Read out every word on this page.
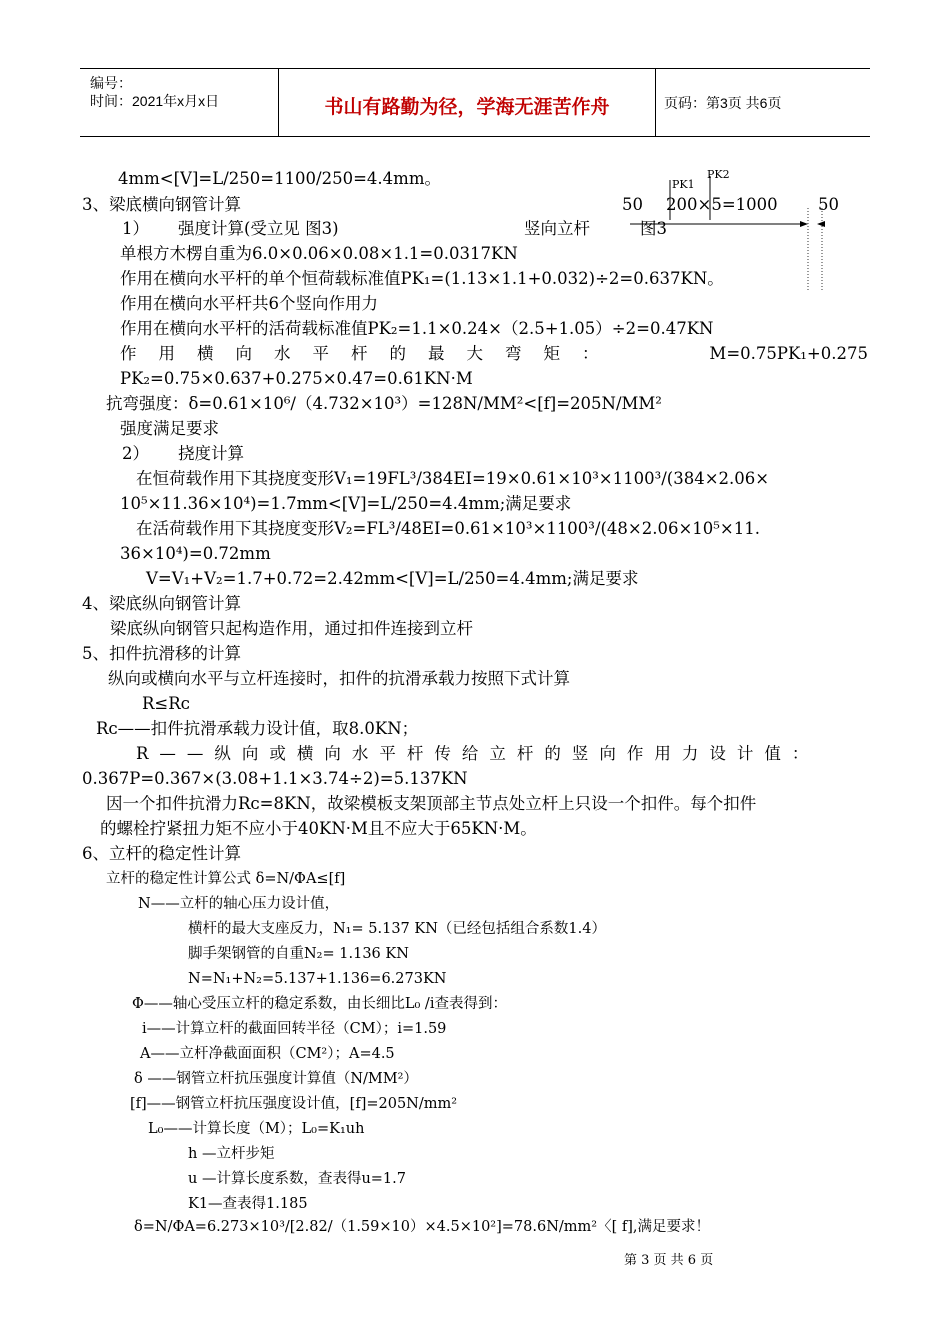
编号：
时间：2021年x月x日	书山有路勤为径，学海无涯苦作舟	页码：第3页 共6页
PK1
PK2
50 200×5=1000 50
竖向立杆	图3
4mm<[V]=L/250=1100/250=4.4mm。
3、梁底横向钢管计算
1） 强度计算(受立见 图3)
单根方木楞自重为6.0×0.06×0.08×1.1=0.0317KN
作用在横向水平杆的单个恒荷载标准值PK₁=(1.13×1.1+0.032)÷2=0.637KN。
作用在横向水平杆共6个竖向作用力
作用在横向水平杆的活荷载标准值PK₂=1.1×0.24×（2.5+1.05）÷2=0.47KN
作用横向水平杆的最大弯矩：	M=0.75PK₁+0.275
PK₂=0.75×0.637+0.275×0.47=0.61KN·M
抗弯强度：δ=0.61×10⁶/（4.732×10³）=128N/MM²<[f]=205N/MM²
强度满足要求
2） 挠度计算
在恒荷载作用下其挠度变形V₁=19FL³/384EI=19×0.61×10³×1100³/(384×2.06×
10⁵×11.36×10⁴)=1.7mm<[V]=L/250=4.4mm;满足要求
在活荷载作用下其挠度变形V₂=FL³/48EI=0.61×10³×1100³/(48×2.06×10⁵×11.
36×10⁴)=0.72mm
V=V₁+V₂=1.7+0.72=2.42mm<[V]=L/250=4.4mm;满足要求
4、梁底纵向钢管计算
梁底纵向钢管只起构造作用，通过扣件连接到立杆
5、扣件抗滑移的计算
纵向或横向水平与立杆连接时，扣件的抗滑承载力按照下式计算
R≤Rᴄ
Rᴄ——扣件抗滑承载力设计值，取8.0KN；
R——纵向或横向水平杆传给立杆的竖向作用力设计值：
0.367P=0.367×(3.08+1.1×3.74÷2)=5.137KN
因一个扣件抗滑力Rᴄ=8KN，故梁模板支架顶部主节点处立杆上只设一个扣件。每个扣件
的螺栓拧紧扭力矩不应小于40KN·M且不应大于65KN·M。
6、立杆的稳定性计算
立杆的稳定性计算公式 δ=N/ΦA≤[f]
N——立杆的轴心压力设计值，
横杆的最大支座反力，N₁= 5.137 KN（已经包括组合系数1.4）
脚手架钢管的自重N₂= 1.136 KN
N=N₁+N₂=5.137+1.136=6.273KN
Φ——轴心受压立杆的稳定系数，由长细比L₀ /i查表得到：
i——计算立杆的截面回转半径（CM）；i=1.59
A——立杆净截面面积（CM²）；A=4.5
δ ——钢管立杆抗压强度计算值（N/MM²）
[f]——钢管立杆抗压强度设计值，[f]=205N/mm²
L₀——计算长度（M）；L₀=K₁uh
h —立杆步矩
u —计算长度系数，查表得u=1.7
K1—查表得1.185
δ=N/ΦA=6.273×10³/[2.82/（1.59×10）×4.5×10²]=78.6N/mm²〈[ f],满足要求！
第 3 页 共 6 页
